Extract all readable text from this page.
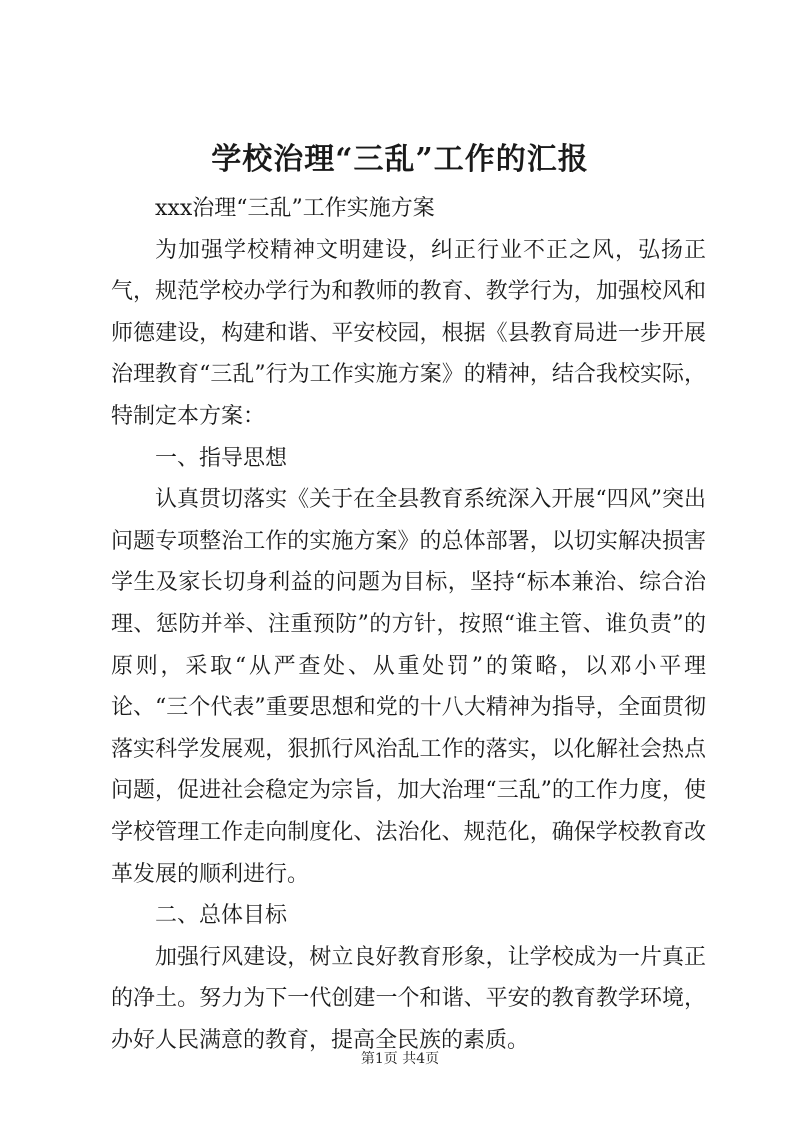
学校治理“三乱”工作的汇报

xxx治理“三乱”工作实施方案

为加强学校精神文明建设，纠正行业不正之风，弘扬正气，规范学校办学行为和教师的教育、教学行为，加强校风和师德建设，构建和谐、平安校园，根据《县教育局进一步开展治理教育“三乱”行为工作实施方案》的精神，结合我校实际，特制定本方案：

一、指导思想

认真贯切落实《关于在全县教育系统深入开展“四风”突出问题专项整治工作的实施方案》的总体部署，以切实解决损害学生及家长切身利益的问题为目标，坚持“标本兼治、综合治理、惩防并举、注重预防”的方针，按照“谁主管、谁负责”的原则，采取“从严查处、从重处罚”的策略，以邓小平理论、“三个代表”重要思想和党的十八大精神为指导，全面贯彻落实科学发展观，狠抓行风治乱工作的落实，以化解社会热点问题，促进社会稳定为宗旨，加大治理“三乱”的工作力度，使学校管理工作走向制度化、法治化、规范化，确保学校教育改革发展的顺利进行。

二、总体目标

加强行风建设，树立良好教育形象，让学校成为一片真正的净土。努力为下一代创建一个和谐、平安的教育教学环境，办好人民满意的教育，提高全民族的素质。

第1页 共4页
